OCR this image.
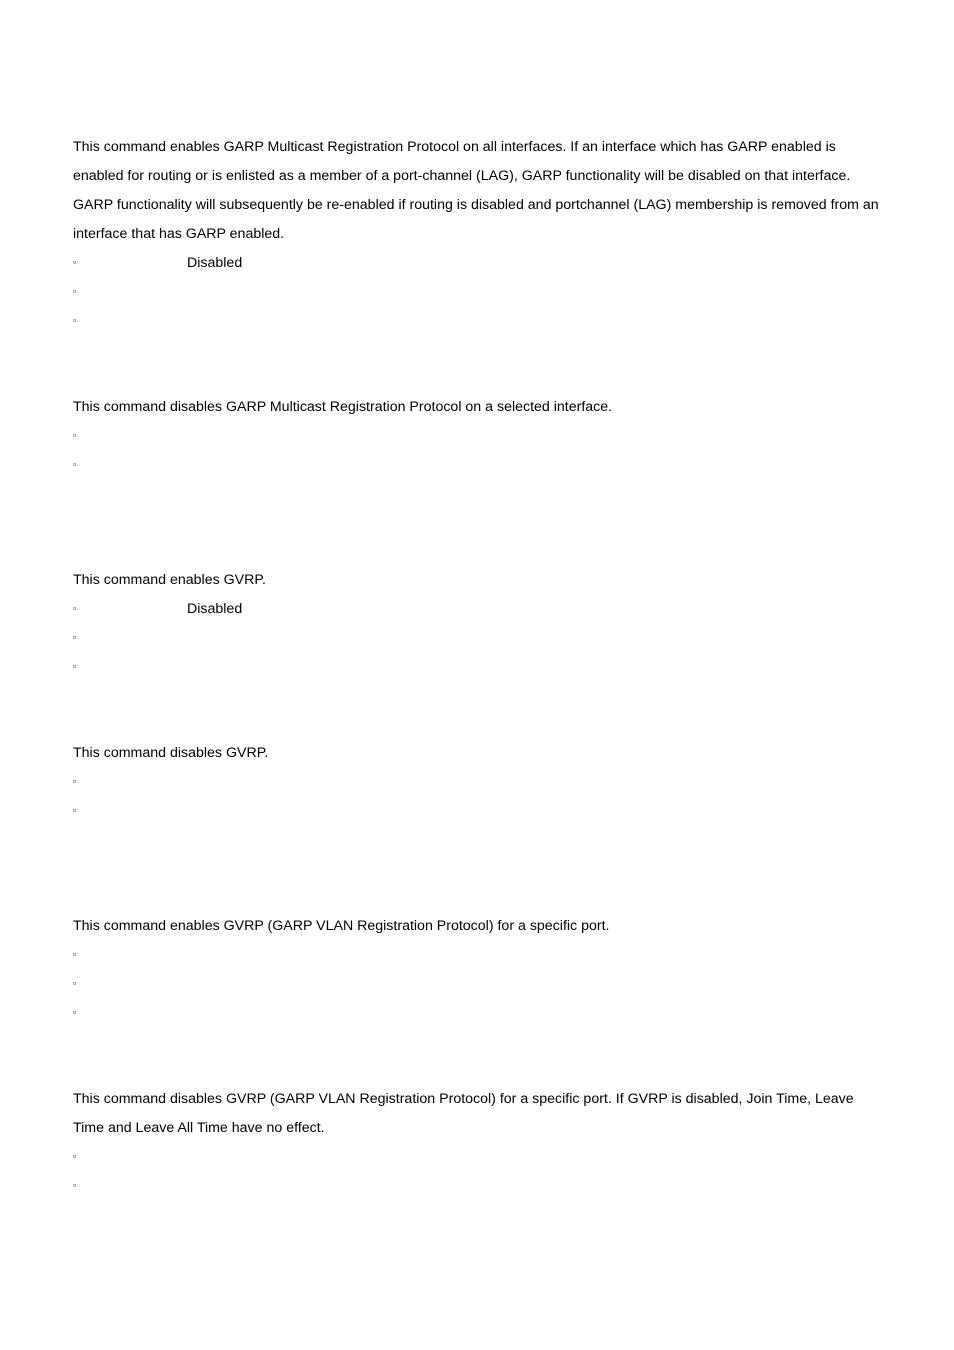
This command enables GARP Multicast Registration Protocol on all interfaces. If an interface which has GARP enabled is enabled for routing or is enlisted as a member of a port-channel (LAG), GARP functionality will be disabled on that interface. GARP functionality will subsequently be re-enabled if routing is disabled and portchannel (LAG) membership is removed from an interface that has GARP enabled.

▫	Disabled
▫
▫

This command disables GARP Multicast Registration Protocol on a selected interface.

▫
▫

This command enables GVRP.

▫	Disabled
▫
▫

This command disables GVRP.

▫
▫

This command enables GVRP (GARP VLAN Registration Protocol) for a specific port.

▫
▫
▫

This command disables GVRP (GARP VLAN Registration Protocol) for a specific port. If GVRP is disabled, Join Time, Leave Time and Leave All Time have no effect.

▫
▫
